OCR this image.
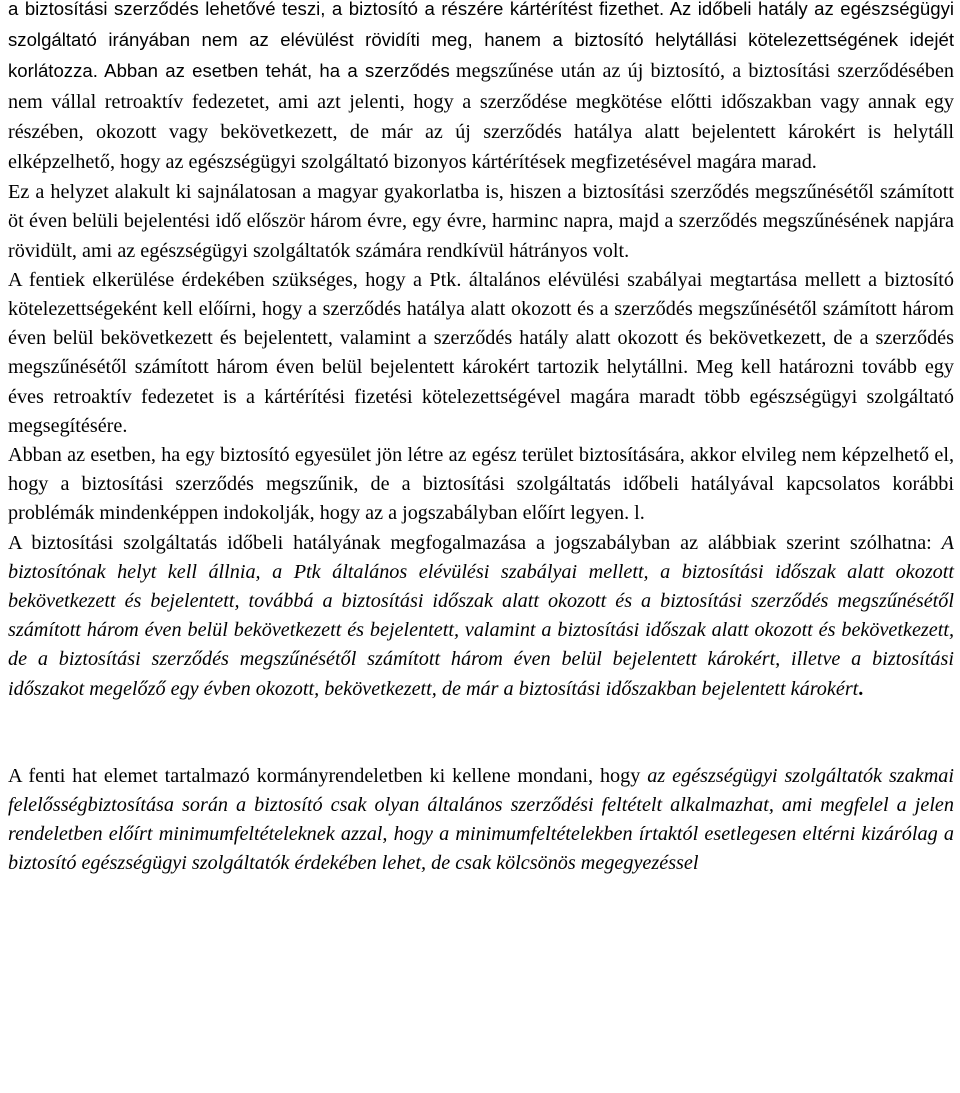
a biztosítási szerződés lehetővé teszi, a biztosító a részére kártérítést fizethet. Az időbeli hatály az egészségügyi szolgáltató irányában nem az elévülést rövidíti meg, hanem a biztosító helytállási kötelezettségének idejét korlátozza. Abban az esetben tehát, ha a szerződés megszűnése után az új biztosító, a biztosítási szerződésében nem vállal retroaktív fedezetet, ami azt jelenti, hogy a szerződése megkötése előtti időszakban vagy annak egy részében, okozott vagy bekövetkezett, de már az új szerződés hatálya alatt bejelentett károkért is helytáll elképzelhető, hogy az egészségügyi szolgáltató bizonyos kártérítések megfizetésével magára marad.

Ez a helyzet alakult ki sajnálatosan a magyar gyakorlatba is, hiszen a biztosítási szerződés megszűnésétől számított öt éven belüli bejelentési idő először három évre, egy évre, harminc napra, majd a szerződés megszűnésének napjára rövidült, ami az egészségügyi szolgáltatók számára rendkívül hátrányos volt.

A fentiek elkerülése érdekében szükséges, hogy a Ptk. általános elévülési szabályai megtartása mellett a biztosító kötelezettségeként kell előírni, hogy a szerződés hatálya alatt okozott és a szerződés megszűnésétől számított három éven belül bekövetkezett és bejelentett, valamint a szerződés hatály alatt okozott és bekövetkezett, de a szerződés megszűnésétől számított három éven belül bejelentett károkért tartozik helytállni. Meg kell határozni tovább egy éves retroaktív fedezetet is a kártérítési fizetési kötelezettségével magára maradt több egészségügyi szolgáltató megsegítésére.

Abban az esetben, ha egy biztosító egyesület jön létre az egész terület biztosítására, akkor elvileg nem képzelhető el, hogy a biztosítási szerződés megszűnik, de a biztosítási szolgáltatás időbeli hatályával kapcsolatos korábbi problémák mindenképpen indokolják, hogy az a jogszabályban előírt legyen. l.

A biztosítási szolgáltatás időbeli hatályának megfogalmazása a jogszabályban az alábbiak szerint szólhatna: A biztosítónak helyt kell állnia, a Ptk általános elévülési szabályai mellett, a biztosítási időszak alatt okozott bekövetkezett és bejelentett, továbbá a biztosítási időszak alatt okozott és a biztosítási szerződés megszűnésétől számított három éven belül bekövetkezett és bejelentett, valamint a biztosítási időszak alatt okozott és bekövetkezett, de a biztosítási szerződés megszűnésétől számított három éven belül bejelentett károkért, illetve a biztosítási időszakot megelőző egy évben okozott, bekövetkezett, de már a biztosítási időszakban bejelentett károkért.

A fenti hat elemet tartalmazó kormányrendeletben ki kellene mondani, hogy az egészségügyi szolgáltatók szakmai felelősségbiztosítása során a biztosító csak olyan általános szerződési feltételt alkalmazhat, ami megfelel a jelen rendeletben előírt minimumfeltételeknek azzal, hogy a minimumfeltételekben írtaktól esetlegesen eltérni kizárólag a biztosító egészségügyi szolgáltatók érdekében lehet, de csak kölcsönös megegyezéssel
